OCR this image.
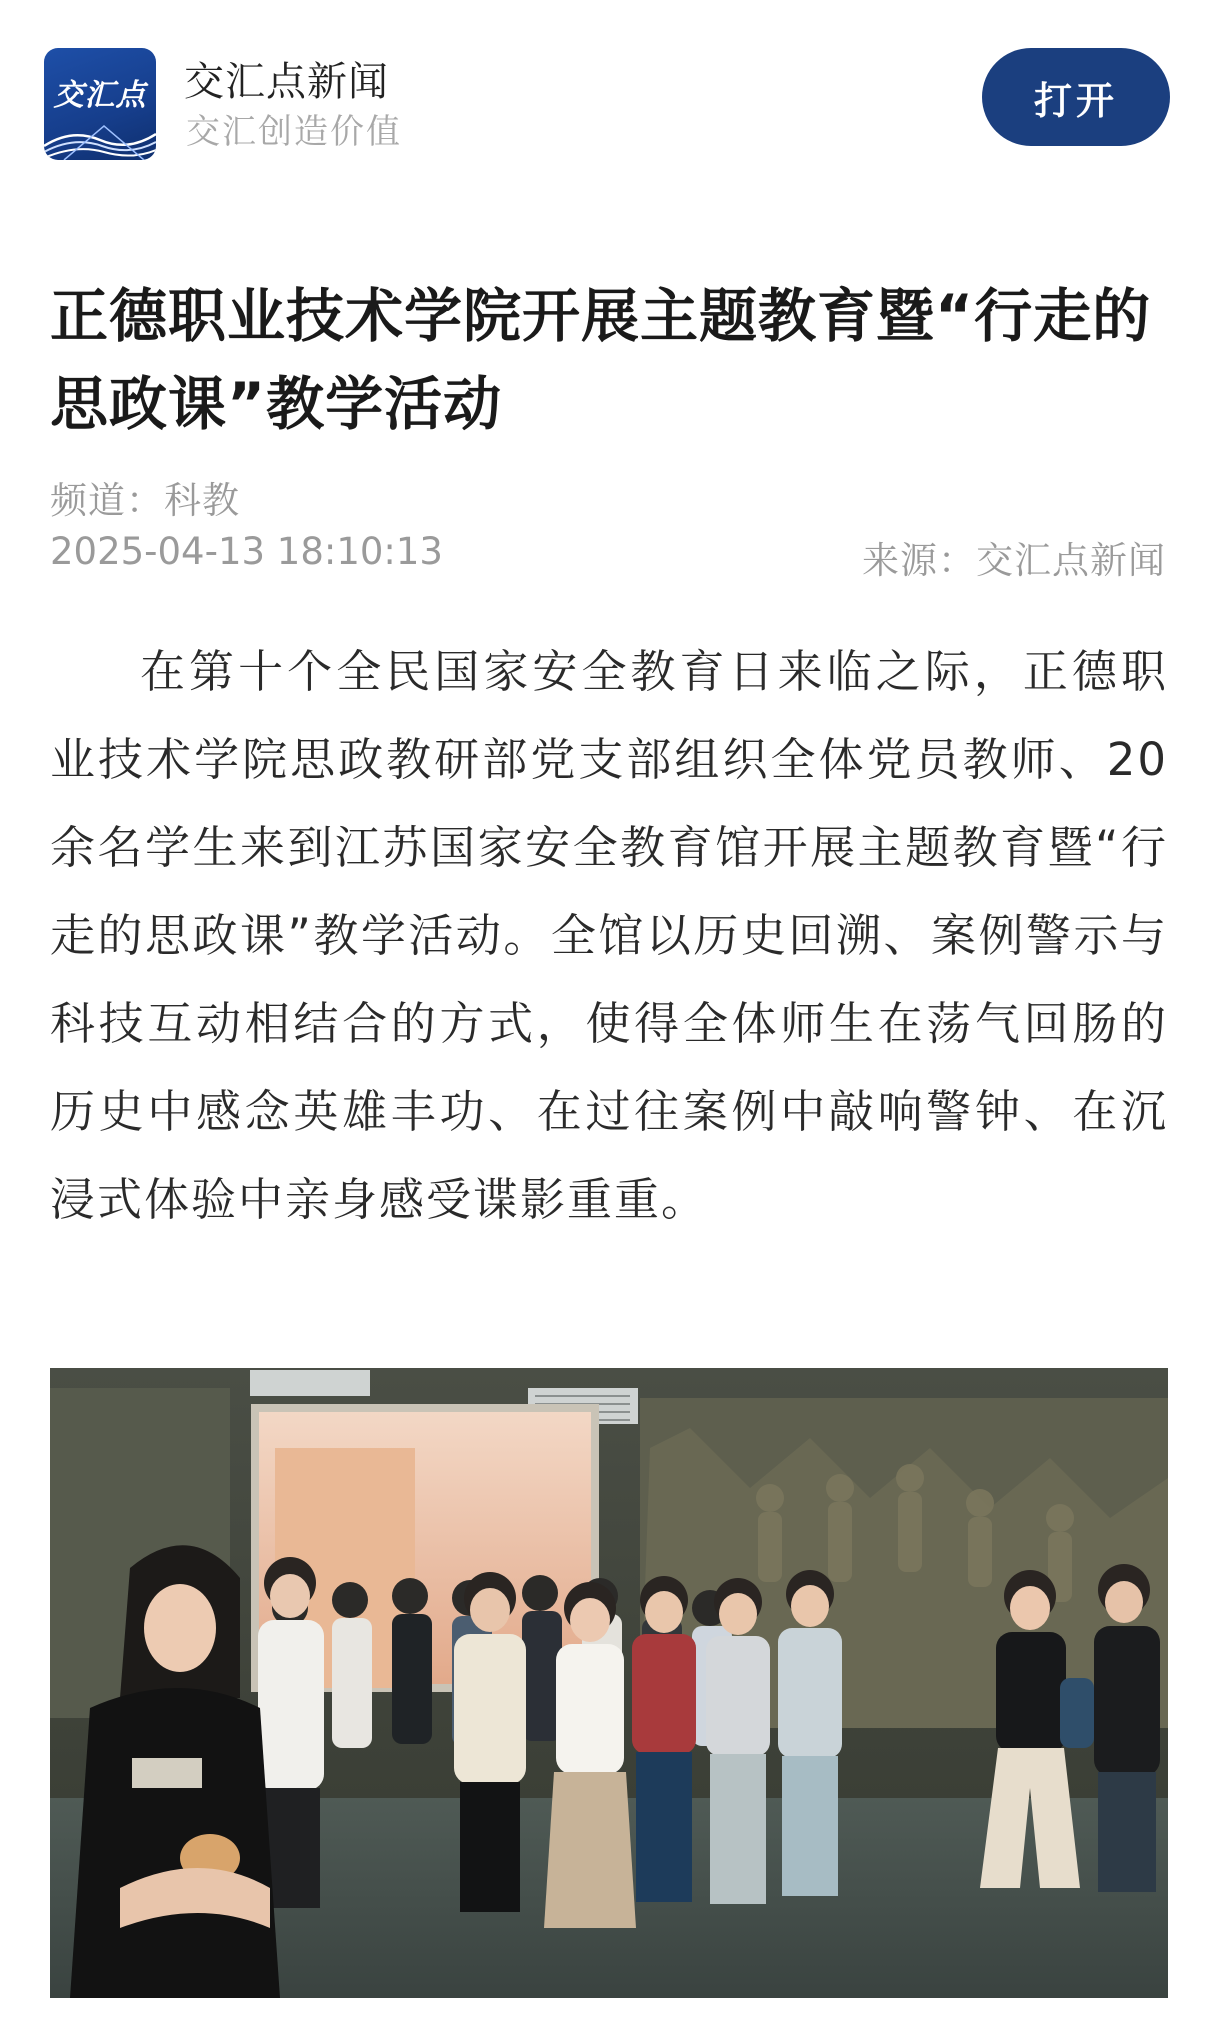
交汇点 交汇点新闻
交汇创造价值
打开
正德职业技术学院开展主题教育暨“行走的思政课”教学活动
频道：科教
2025-04-13 18:10:13	来源：交汇点新闻

在第十个全民国家安全教育日来临之际，正德职业技术学院思政教研部党支部组织全体党员教师、20余名学生来到江苏国家安全教育馆开展主题教育暨“行走的思政课”教学活动。全馆以历史回溯、案例警示与科技互动相结合的方式，使得全体师生在荡气回肠的历史中感念英雄丰功、在过往案例中敲响警钟、在沉浸式体验中亲身感受谍影重重。
